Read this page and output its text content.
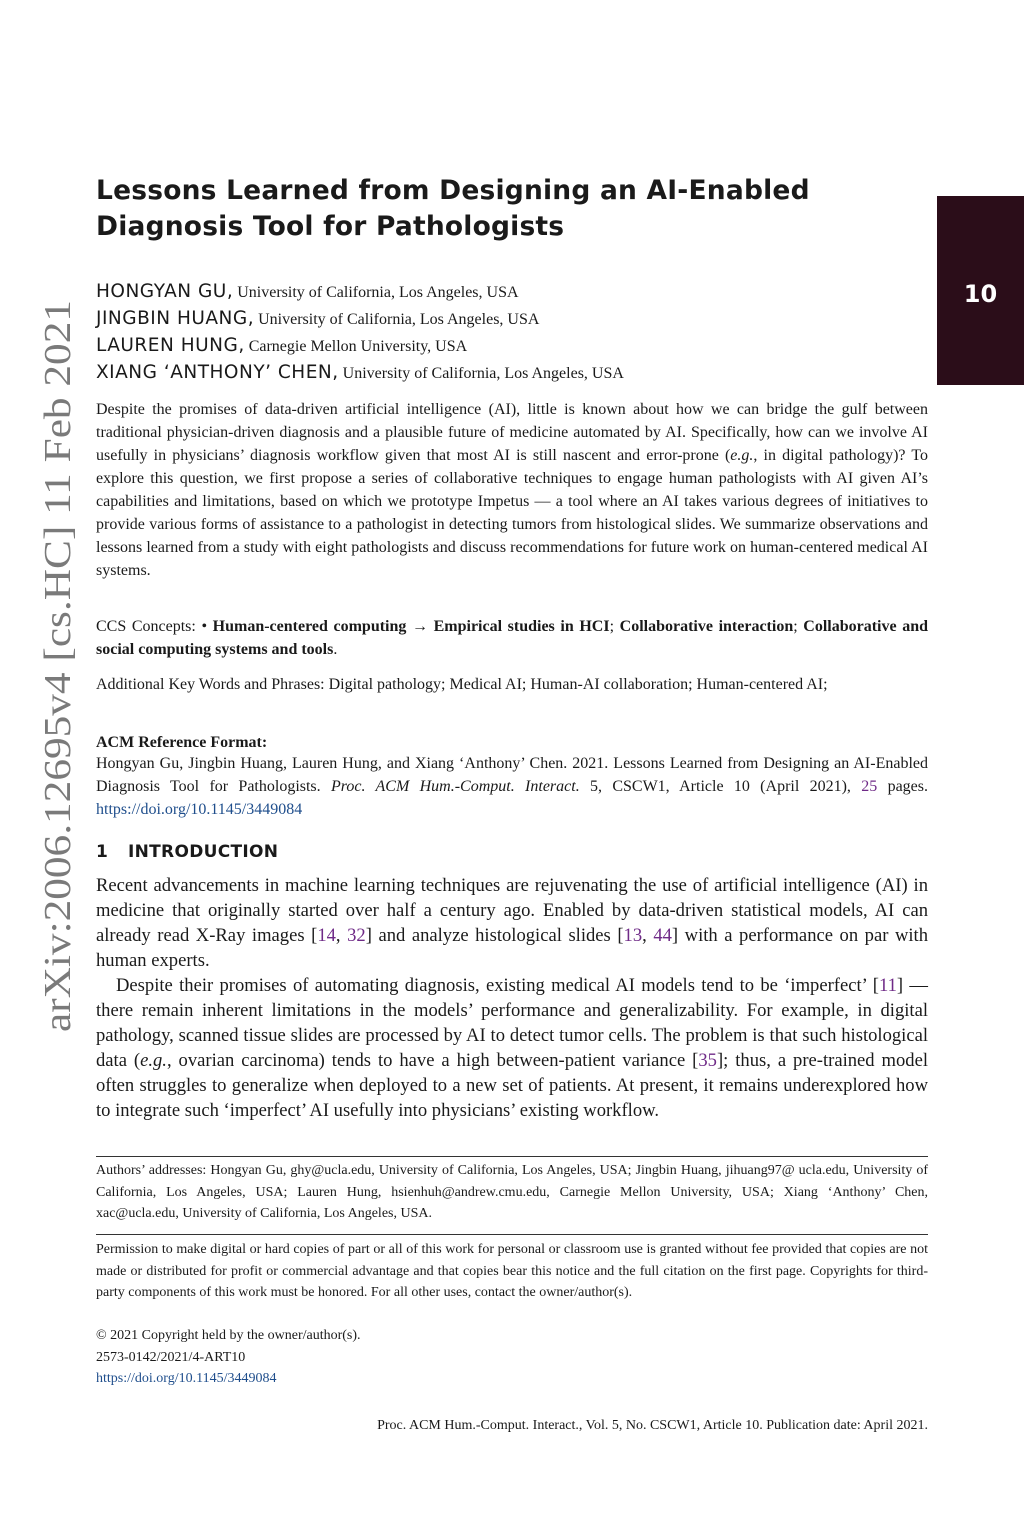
arXiv:2006.12695v4 [cs.HC] 11 Feb 2021
Lessons Learned from Designing an AI-Enabled Diagnosis Tool for Pathologists
10
HONGYAN GU, University of California, Los Angeles, USA
JINGBIN HUANG, University of California, Los Angeles, USA
LAUREN HUNG, Carnegie Mellon University, USA
XIANG ‘ANTHONY’ CHEN, University of California, Los Angeles, USA
Despite the promises of data-driven artificial intelligence (AI), little is known about how we can bridge the gulf between traditional physician-driven diagnosis and a plausible future of medicine automated by AI. Specifically, how can we involve AI usefully in physicians’ diagnosis workflow given that most AI is still nascent and error-prone (e.g., in digital pathology)? To explore this question, we first propose a series of collaborative techniques to engage human pathologists with AI given AI’s capabilities and limitations, based on which we prototype Impetus — a tool where an AI takes various degrees of initiatives to provide various forms of assistance to a pathologist in detecting tumors from histological slides. We summarize observations and lessons learned from a study with eight pathologists and discuss recommendations for future work on human-centered medical AI systems.
CCS Concepts: • Human-centered computing → Empirical studies in HCI; Collaborative interaction; Collaborative and social computing systems and tools.
Additional Key Words and Phrases: Digital pathology; Medical AI; Human-AI collaboration; Human-centered AI;
ACM Reference Format:
Hongyan Gu, Jingbin Huang, Lauren Hung, and Xiang ‘Anthony’ Chen. 2021. Lessons Learned from Designing an AI-Enabled Diagnosis Tool for Pathologists. Proc. ACM Hum.-Comput. Interact. 5, CSCW1, Article 10 (April 2021), 25 pages. https://doi.org/10.1145/3449084
1 INTRODUCTION

Recent advancements in machine learning techniques are rejuvenating the use of artificial intelligence (AI) in medicine that originally started over half a century ago. Enabled by data-driven statistical models, AI can already read X-Ray images [14, 32] and analyze histological slides [13, 44] with a performance on par with human experts.

Despite their promises of automating diagnosis, existing medical AI models tend to be ‘imperfect’ [11] — there remain inherent limitations in the models’ performance and generalizability. For example, in digital pathology, scanned tissue slides are processed by AI to detect tumor cells. The problem is that such histological data (e.g., ovarian carcinoma) tends to have a high between-patient variance [35]; thus, a pre-trained model often struggles to generalize when deployed to a new set of patients. At present, it remains underexplored how to integrate such ‘imperfect’ AI usefully into physicians’ existing workflow.

Authors’ addresses: Hongyan Gu, ghy@ucla.edu, University of California, Los Angeles, USA; Jingbin Huang, jihuang97@ ucla.edu, University of California, Los Angeles, USA; Lauren Hung, hsienhuh@andrew.cmu.edu, Carnegie Mellon University, USA; Xiang ‘Anthony’ Chen, xac@ucla.edu, University of California, Los Angeles, USA.
Permission to make digital or hard copies of part or all of this work for personal or classroom use is granted without fee provided that copies are not made or distributed for profit or commercial advantage and that copies bear this notice and the full citation on the first page. Copyrights for third-party components of this work must be honored. For all other uses, contact the owner/author(s).
© 2021 Copyright held by the owner/author(s).
2573-0142/2021/4-ART10
https://doi.org/10.1145/3449084
Proc. ACM Hum.-Comput. Interact., Vol. 5, No. CSCW1, Article 10. Publication date: April 2021.
